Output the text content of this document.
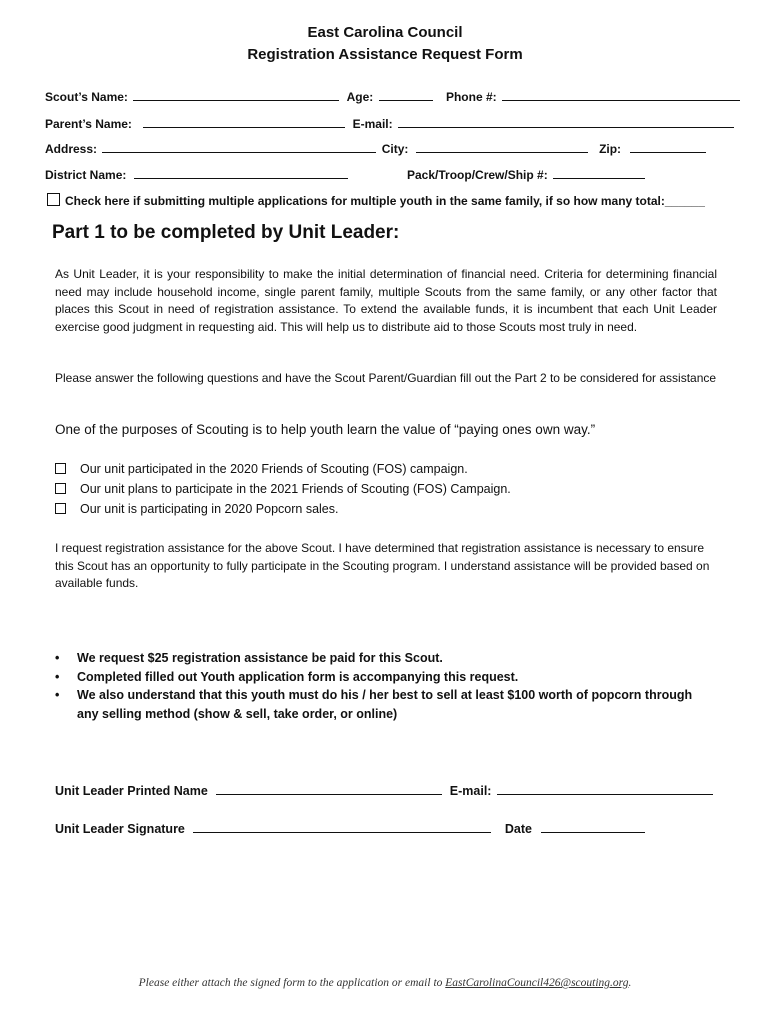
East Carolina Council
Registration Assistance Request Form
Scout’s Name:	Age:	Phone #:
Parent’s Name:	E-mail:
Address:	City:	Zip:
District Name:	Pack/Troop/Crew/Ship #:
Check here if submitting multiple applications for multiple youth in the same family, if so how many total:______
Part 1 to be completed by Unit Leader:
As Unit Leader, it is your responsibility to make the initial determination of financial need. Criteria for determining financial need may include household income, single parent family, multiple Scouts from the same family, or any other factor that places this Scout in need of registration assistance. To extend the available funds, it is incumbent that each Unit Leader exercise good judgment in requesting aid. This will help us to distribute aid to those Scouts most truly in need.
Please answer the following questions and have the Scout Parent/Guardian fill out the Part 2 to be considered for assistance
One of the purposes of Scouting is to help youth learn the value of “paying ones own way.”
Our unit participated in the 2020 Friends of Scouting (FOS) campaign.
Our unit plans to participate in the 2021 Friends of Scouting (FOS) Campaign.
Our unit is participating in 2020 Popcorn sales.
I request registration assistance for the above Scout. I have determined that registration assistance is necessary to ensure this Scout has an opportunity to fully participate in the Scouting program. I understand assistance will be provided based on available funds.
•	We request $25 registration assistance be paid for this Scout.
•	Completed filled out Youth application form is accompanying this request.
•	We also understand that this youth must do his / her best to sell at least $100 worth of popcorn through any selling method (show & sell, take order, or online)
Unit Leader Printed Name	E-mail:
Unit Leader Signature	Date
Please either attach the signed form to the application or email to EastCarolinaCouncil426@scouting.org.
